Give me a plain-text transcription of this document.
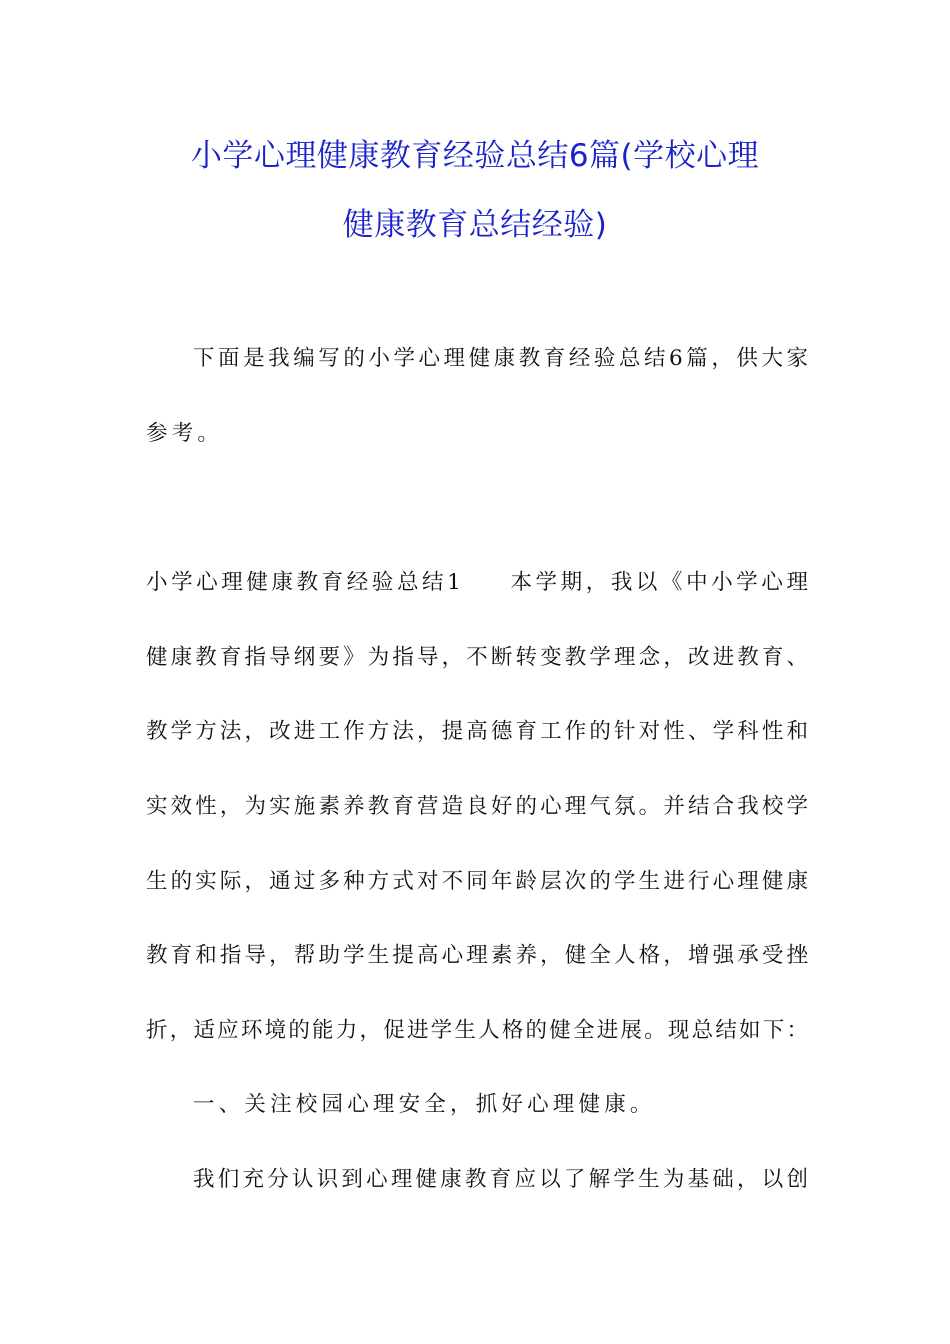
小学心理健康教育经验总结6篇(学校心理
健康教育总结经验)

下面是我编写的小学心理健康教育经验总结6篇，供大家

参考。

小学心理健康教育经验总结1 本学期，我以《中小学心理

健康教育指导纲要》为指导，不断转变教学理念，改进教育、

教学方法，改进工作方法，提高德育工作的针对性、学科性和

实效性，为实施素养教育营造良好的心理气氛。并结合我校学

生的实际，通过多种方式对不同年龄层次的学生进行心理健康

教育和指导，帮助学生提高心理素养，健全人格，增强承受挫

折，适应环境的能力，促进学生人格的健全进展。现总结如下：

一、关注校园心理安全，抓好心理健康。

我们充分认识到心理健康教育应以了解学生为基础，以创
